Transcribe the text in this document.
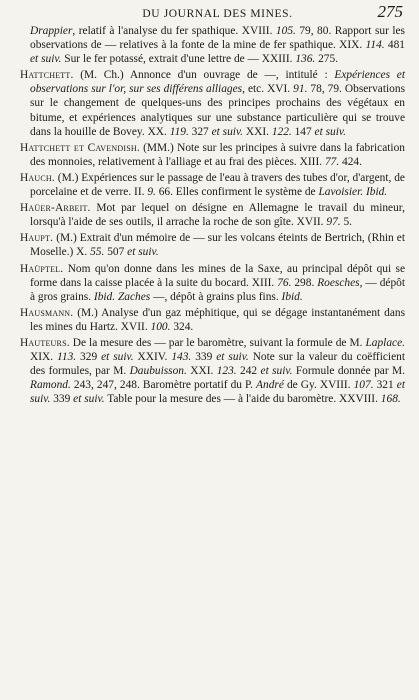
DU JOURNAL DES MINES.	275

Drappier, relatif à l'analyse du fer spathique. XVIII. 105. 79, 80. Rapport sur les observations de — relatives à la fonte de la mine de fer spathique. XIX. 114. 481 et suiv. Sur le fer potassé, extrait d'une lettre de — XXIII. 136. 275.

Hattchett. (M. Ch.) Annonce d'un ouvrage de —, intitulé : Expériences et observations sur l'or, sur ses différens alliages, etc. XVI. 91. 78, 79. Observations sur le changement de quelques-uns des principes prochains des végétaux en bitume, et expériences analytiques sur une substance particulière qui se trouve dans la houille de Bovey. XX. 119. 327 et suiv. XXI. 122. 147 et suiv.

Hattchett et Cavendish. (MM.) Note sur les principes à suivre dans la fabrication des monnoies, relativement à l'alliage et au frai des pièces. XIII. 77. 424.

Hauch. (M.) Expériences sur le passage de l'eau à travers des tubes d'or, d'argent, de porcelaine et de verre. II. 9. 66. Elles confirment le système de Lavoisier. Ibid.

Haüer-Arbeit. Mot par lequel on désigne en Allemagne le travail du mineur, lorsqu'à l'aide de ses outils, il arrache la roche de son gîte. XVII. 97. 5.

Haupt. (M.) Extrait d'un mémoire de — sur les volcans éteints de Bertrich, (Rhin et Moselle.) X. 55. 507 et suiv.

Haüptel. Nom qu'on donne dans les mines de la Saxe, au principal dépôt qui se forme dans la caisse placée à la suite du bocard. XIII. 76. 298. Roesches, — dépôt à gros grains. Ibid. Zaches —, dépôt à grains plus fins. Ibid.

Hausmann. (M.) Analyse d'un gaz méphitique, qui se dégage instantanément dans les mines du Hartz. XVII. 100. 324.

Hauteurs. De la mesure des — par le baromètre, suivant la formule de M. Laplace. XIX. 113. 329 et suiv. XXIV. 143. 339 et suiv. Note sur la valeur du coëfficient des formules, par M. Daubuisson. XXI. 123. 242 et suiv. Formule donnée par M. Ramond. 243, 247, 248. Baromètre portatif du P. André de Gy. XVIII. 107. 321 et suiv. 339 et suiv. Table pour la mesure des — à l'aide du baromètre. XXVIII. 168.
